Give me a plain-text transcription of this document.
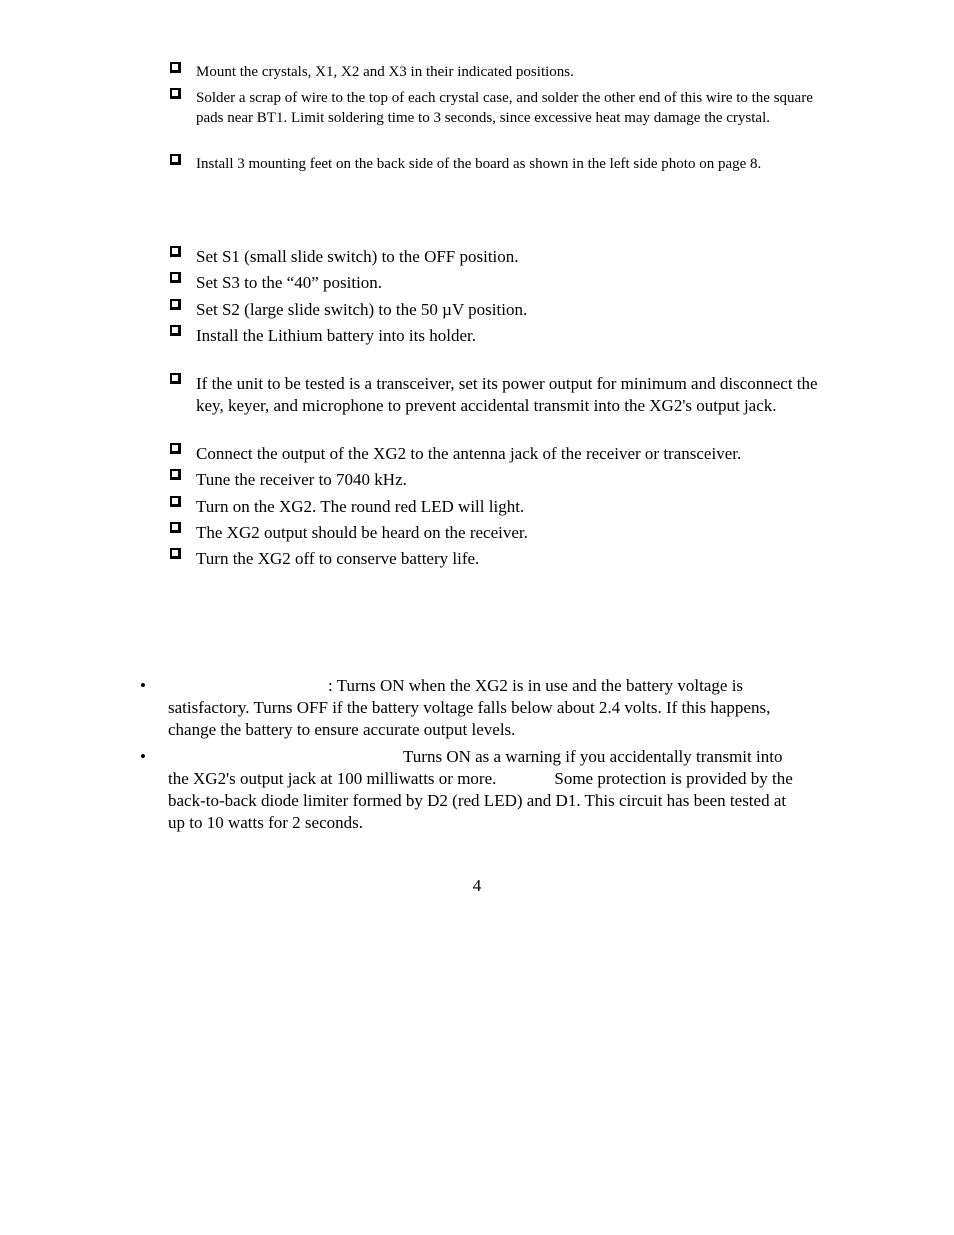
Mount the crystals, X1, X2 and X3 in their indicated positions.
Solder a scrap of wire to the top of each crystal case, and solder the other end of this wire to the square pads near BT1. Limit soldering time to 3 seconds, since excessive heat may damage the crystal.
Install 3 mounting feet on the back side of the board as shown in the left side photo on page 8.
Set S1 (small slide switch) to the OFF position.
Set S3 to the “40” position.
Set S2 (large slide switch) to the 50 µV position.
Install the Lithium battery into its holder.
If the unit to be tested is a transceiver, set its power output for minimum and disconnect the key, keyer, and microphone to prevent accidental transmit into the XG2's output jack.
Connect the output of the XG2 to the antenna jack of the receiver or transceiver.
Tune the receiver to 7040 kHz.
Turn on the XG2. The round red LED will light.
The XG2 output should be heard on the receiver.
Turn the XG2 off to conserve battery life.
•	: Turns ON when the XG2 is in use and the battery voltage is satisfactory. Turns OFF if the battery voltage falls below about 2.4 volts. If this happens, change the battery to ensure accurate output levels.
•	Turns ON as a warning if you accidentally transmit into the XG2's output jack at 100 milliwatts or more.	Some protection is provided by the back-to-back diode limiter formed by D2 (red LED) and D1. This circuit has been tested at up to 10 watts for 2 seconds.
4
